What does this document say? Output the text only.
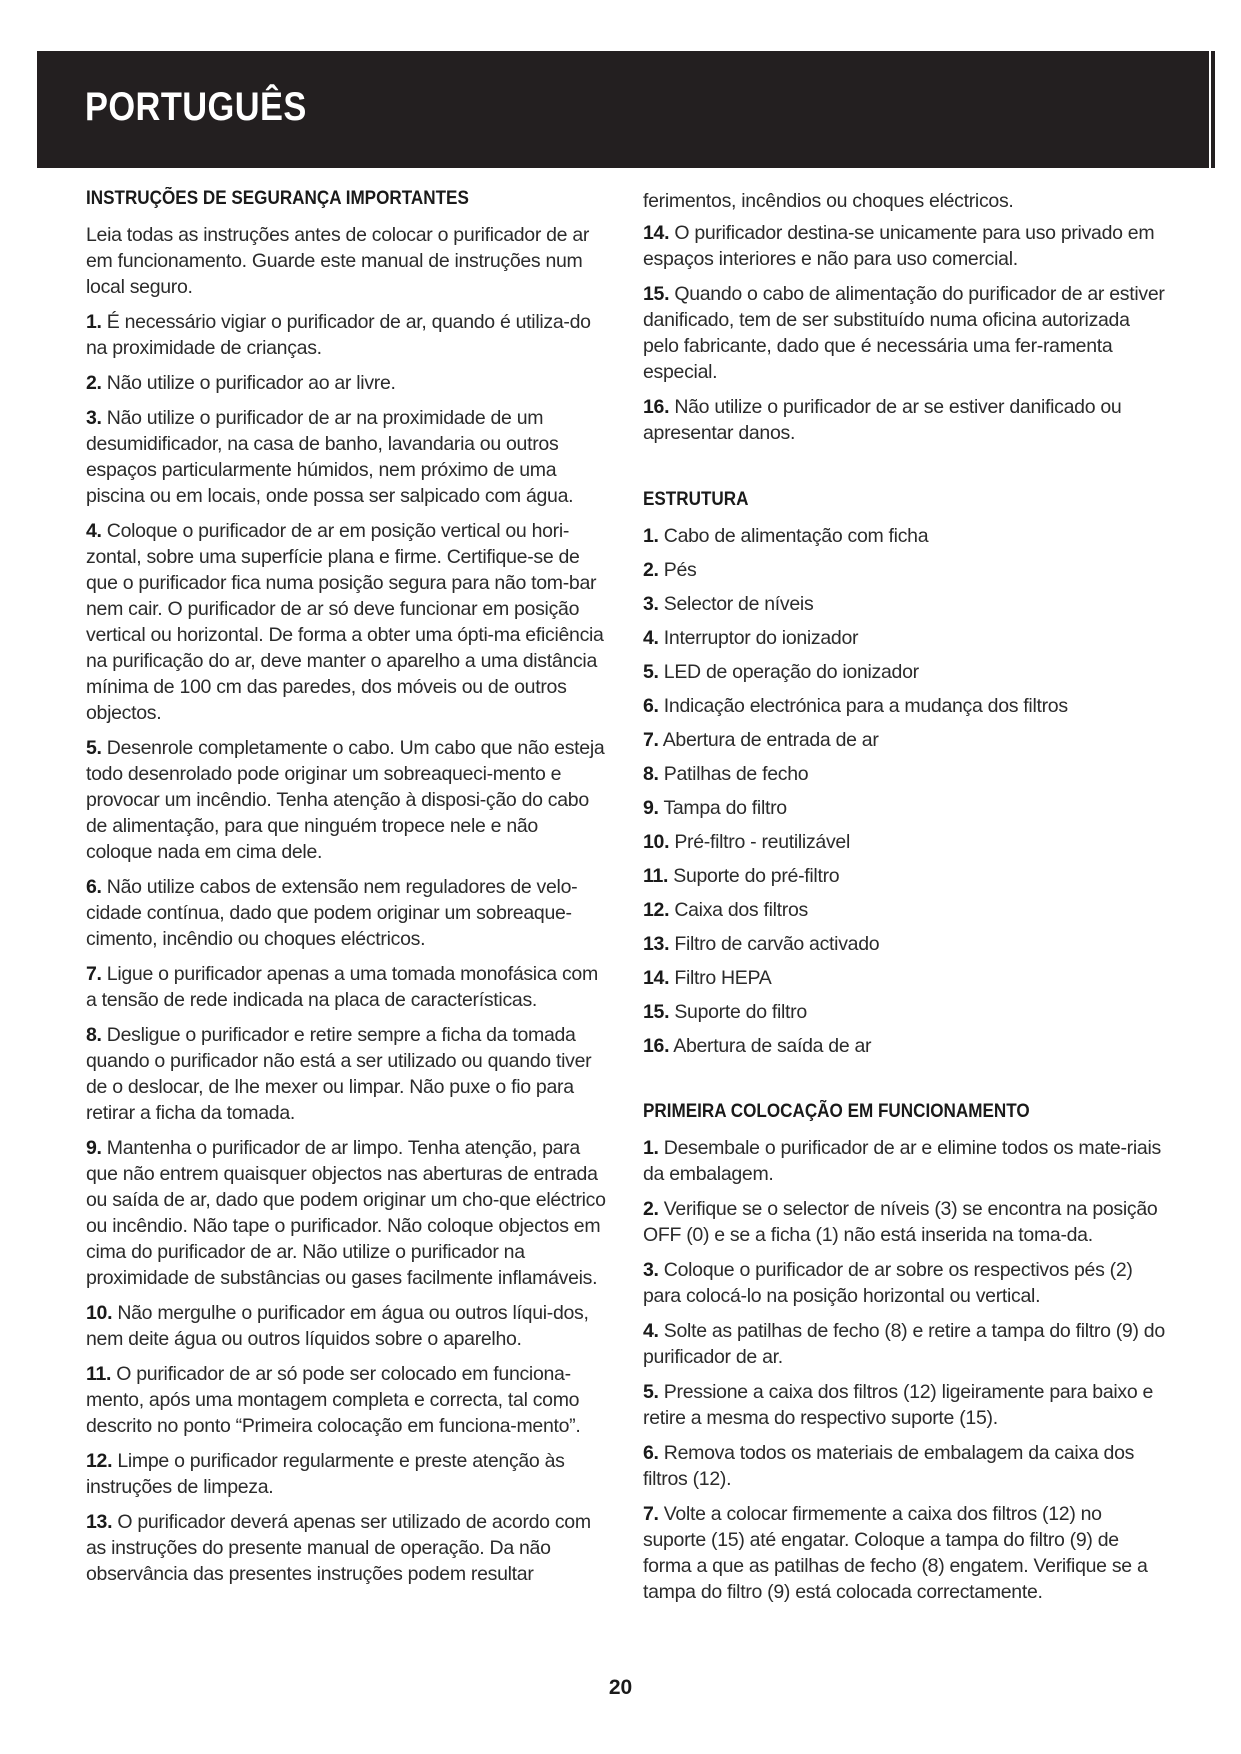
PORTUGUÊS
INSTRUÇÕES DE SEGURANÇA IMPORTANTES

Leia todas as instruções antes de colocar o purificador de ar em funcionamento. Guarde este manual de instruções num local seguro.

1. É necessário vigiar o purificador de ar, quando é utiliza-do na proximidade de crianças.

2. Não utilize o purificador ao ar livre.

3. Não utilize o purificador de ar na proximidade de um desumidificador, na casa de banho, lavandaria ou outros espaços particularmente húmidos, nem próximo de uma piscina ou em locais, onde possa ser salpicado com água.

4. Coloque o purificador de ar em posição vertical ou hori-zontal, sobre uma superfície plana e firme. Certifique-se de que o purificador fica numa posição segura para não tom-bar nem cair. O purificador de ar só deve funcionar em posição vertical ou horizontal. De forma a obter uma ópti-ma eficiência na purificação do ar, deve manter o aparelho a uma distância mínima de 100 cm das paredes, dos móveis ou de outros objectos.

5. Desenrole completamente o cabo. Um cabo que não esteja todo desenrolado pode originar um sobreaqueci-mento e provocar um incêndio. Tenha atenção à disposi-ção do cabo de alimentação, para que ninguém tropece nele e não coloque nada em cima dele.

6. Não utilize cabos de extensão nem reguladores de velo-cidade contínua, dado que podem originar um sobreaque-cimento, incêndio ou choques eléctricos.

7. Ligue o purificador apenas a uma tomada monofásica com a tensão de rede indicada na placa de características.

8. Desligue o purificador e retire sempre a ficha da tomada quando o purificador não está a ser utilizado ou quando tiver de o deslocar, de lhe mexer ou limpar. Não puxe o fio para retirar a ficha da tomada.

9. Mantenha o purificador de ar limpo. Tenha atenção, para que não entrem quaisquer objectos nas aberturas de entrada ou saída de ar, dado que podem originar um cho-que eléctrico ou incêndio. Não tape o purificador. Não coloque objectos em cima do purificador de ar. Não utilize o purificador na proximidade de substâncias ou gases facilmente inflamáveis.

10. Não mergulhe o purificador em água ou outros líqui-dos, nem deite água ou outros líquidos sobre o aparelho.

11. O purificador de ar só pode ser colocado em funciona-mento, após uma montagem completa e correcta, tal como descrito no ponto “Primeira colocação em funciona-mento”.

12. Limpe o purificador regularmente e preste atenção às instruções de limpeza.

13. O purificador deverá apenas ser utilizado de acordo com as instruções do presente manual de operação. Da não observância das presentes instruções podem resultar

ferimentos, incêndios ou choques eléctricos.

14. O purificador destina-se unicamente para uso privado em espaços interiores e não para uso comercial.

15. Quando o cabo de alimentação do purificador de ar estiver danificado, tem de ser substituído numa oficina autorizada pelo fabricante, dado que é necessária uma fer-ramenta especial.

16. Não utilize o purificador de ar se estiver danificado ou apresentar danos.

ESTRUTURA

1. Cabo de alimentação com ficha

2. Pés

3. Selector de níveis

4. Interruptor do ionizador

5. LED de operação do ionizador

6. Indicação electrónica para a mudança dos filtros

7. Abertura de entrada de ar

8. Patilhas de fecho

9. Tampa do filtro

10. Pré-filtro - reutilizável

11. Suporte do pré-filtro

12. Caixa dos filtros

13. Filtro de carvão activado

14. Filtro HEPA

15. Suporte do filtro

16. Abertura de saída de ar

PRIMEIRA COLOCAÇÃO EM FUNCIONAMENTO

1. Desembale o purificador de ar e elimine todos os mate-riais da embalagem.

2. Verifique se o selector de níveis (3) se encontra na posição OFF (0) e se a ficha (1) não está inserida na toma-da.

3. Coloque o purificador de ar sobre os respectivos pés (2) para colocá-lo na posição horizontal ou vertical.

4. Solte as patilhas de fecho (8) e retire a tampa do filtro (9) do purificador de ar.

5. Pressione a caixa dos filtros (12) ligeiramente para baixo e retire a mesma do respectivo suporte (15).

6. Remova todos os materiais de embalagem da caixa dos filtros (12).

7. Volte a colocar firmemente a caixa dos filtros (12) no suporte (15) até engatar. Coloque a tampa do filtro (9) de forma a que as patilhas de fecho (8) engatem. Verifique se a tampa do filtro (9) está colocada correctamente.

20
